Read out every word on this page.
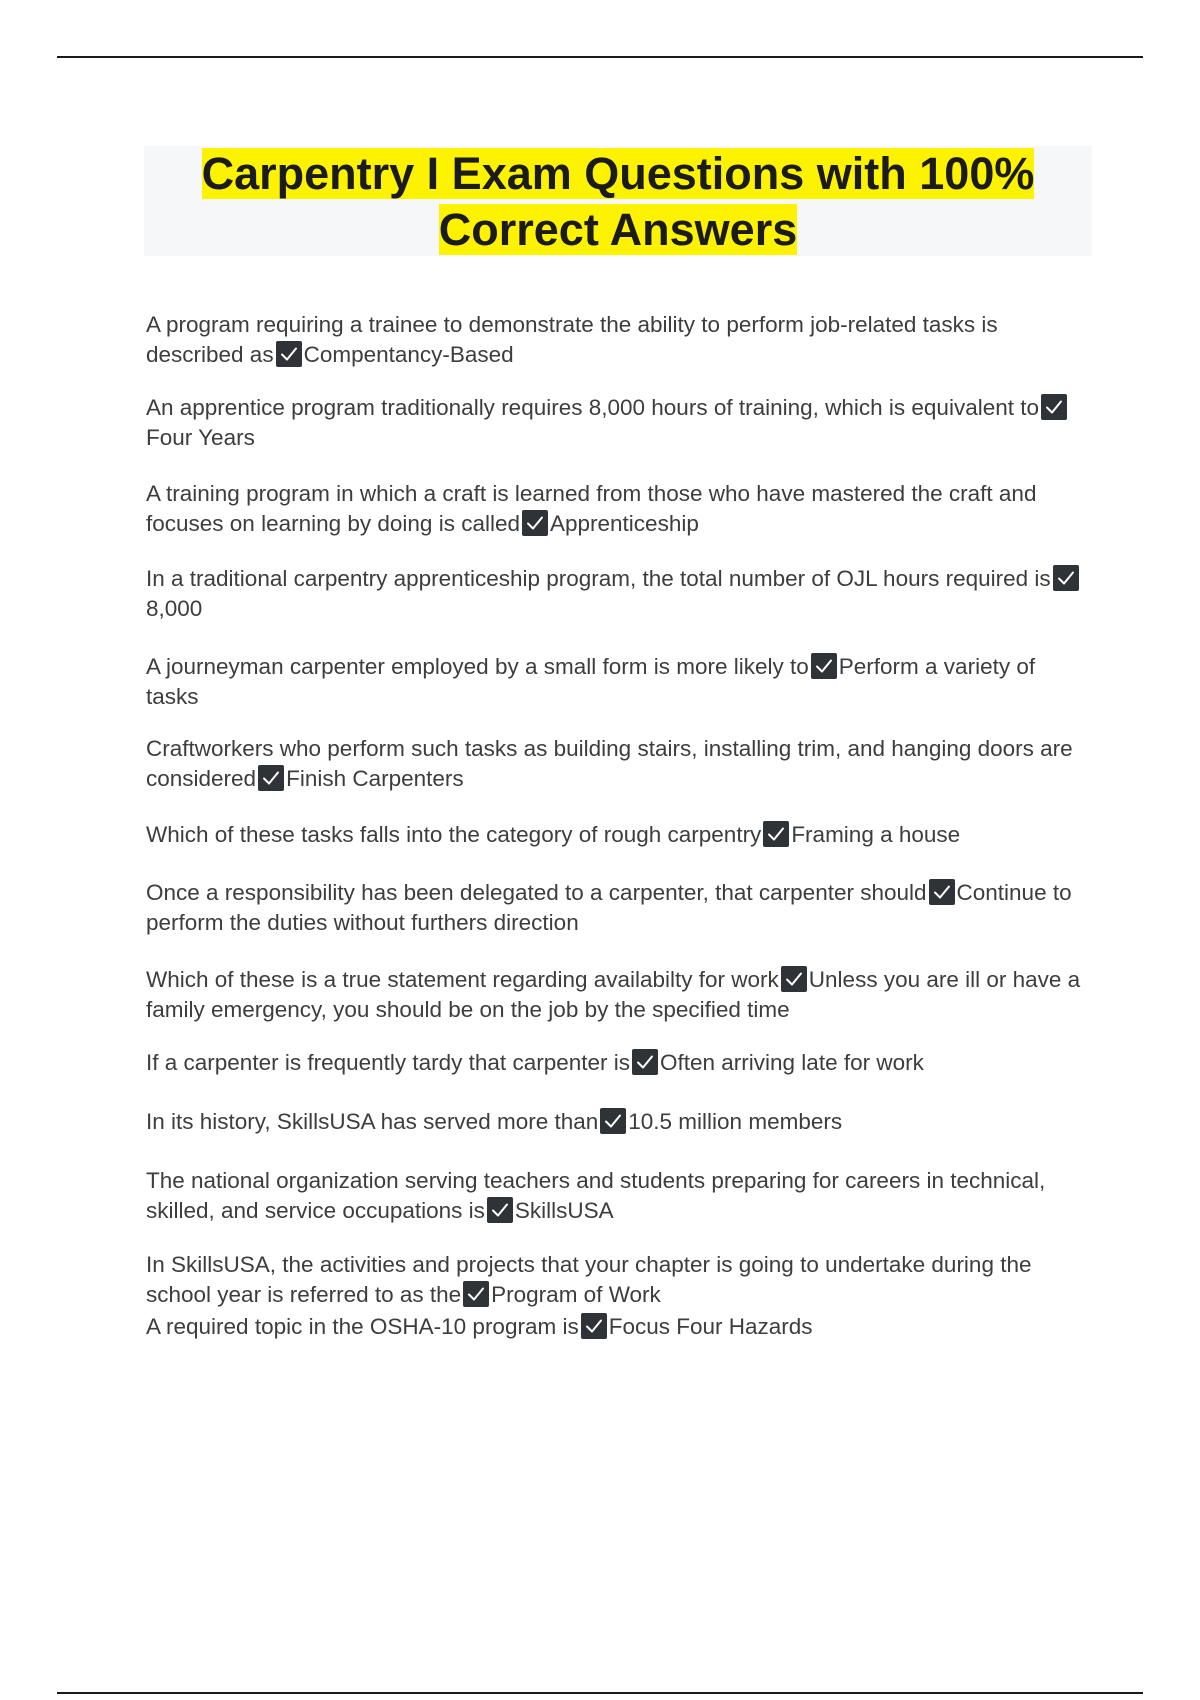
Carpentry I Exam Questions with 100% Correct Answers
A program requiring a trainee to demonstrate the ability to perform job-related tasks is described as Compentancy-Based
An apprentice program traditionally requires 8,000 hours of training, which is equivalent to
Four Years
A training program in which a craft is learned from those who have mastered the craft and focuses on learning by doing is called Apprenticeship
In a traditional carpentry apprenticeship program, the total number of OJL hours required is
8,000
A journeyman carpenter employed by a small form is more likely to Perform a variety of tasks
Craftworkers who perform such tasks as building stairs, installing trim, and hanging doors are considered Finish Carpenters
Which of these tasks falls into the category of rough carpentry Framing a house
Once a responsibility has been delegated to a carpenter, that carpenter should Continue to perform the duties without furthers direction
Which of these is a true statement regarding availabilty for work Unless you are ill or have a family emergency, you should be on the job by the specified time
If a carpenter is frequently tardy that carpenter is Often arriving late for work
In its history, SkillsUSA has served more than 10.5 million members
The national organization serving teachers and students preparing for careers in technical, skilled, and service occupations is SkillsUSA
In SkillsUSA, the activities and projects that your chapter is going to undertake during the school year is referred to as the Program of Work
A required topic in the OSHA-10 program is Focus Four Hazards
